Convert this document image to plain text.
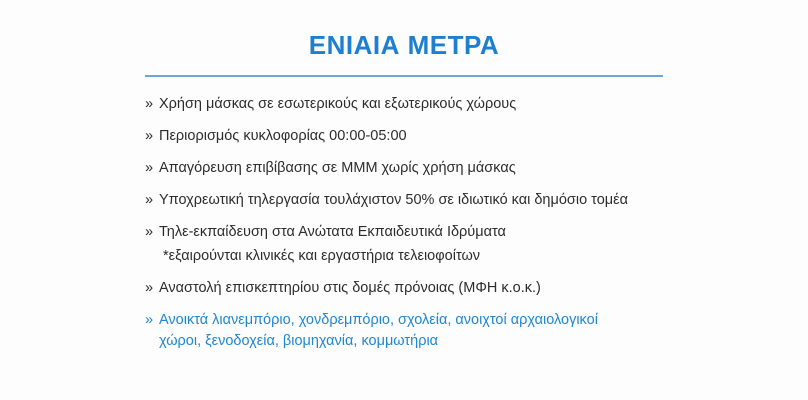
ΕΝΙΑΙΑ ΜΕΤΡΑ
» Χρήση μάσκας σε εσωτερικούς και εξωτερικούς χώρους
» Περιορισμός κυκλοφορίας 00:00-05:00
» Απαγόρευση επιβίβασης σε ΜΜΜ χωρίς χρήση μάσκας
» Υποχρεωτική τηλεργασία τουλάχιστον 50% σε ιδιωτικό και δημόσιο τομέα
» Τηλε-εκπαίδευση στα Ανώτατα Εκπαιδευτικά Ιδρύματα
*εξαιρούνται κλινικές και εργαστήρια τελειοφοίτων
» Αναστολή επισκεπτηρίου στις δομές πρόνοιας (ΜΦΗ κ.ο.κ.)
» Ανοικτά λιανεμπόριο, χονδρεμπόριο, σχολεία, ανοιχτοί αρχαιολογικοί
χώροι, ξενοδοχεία, βιομηχανία, κομμωτήρια
